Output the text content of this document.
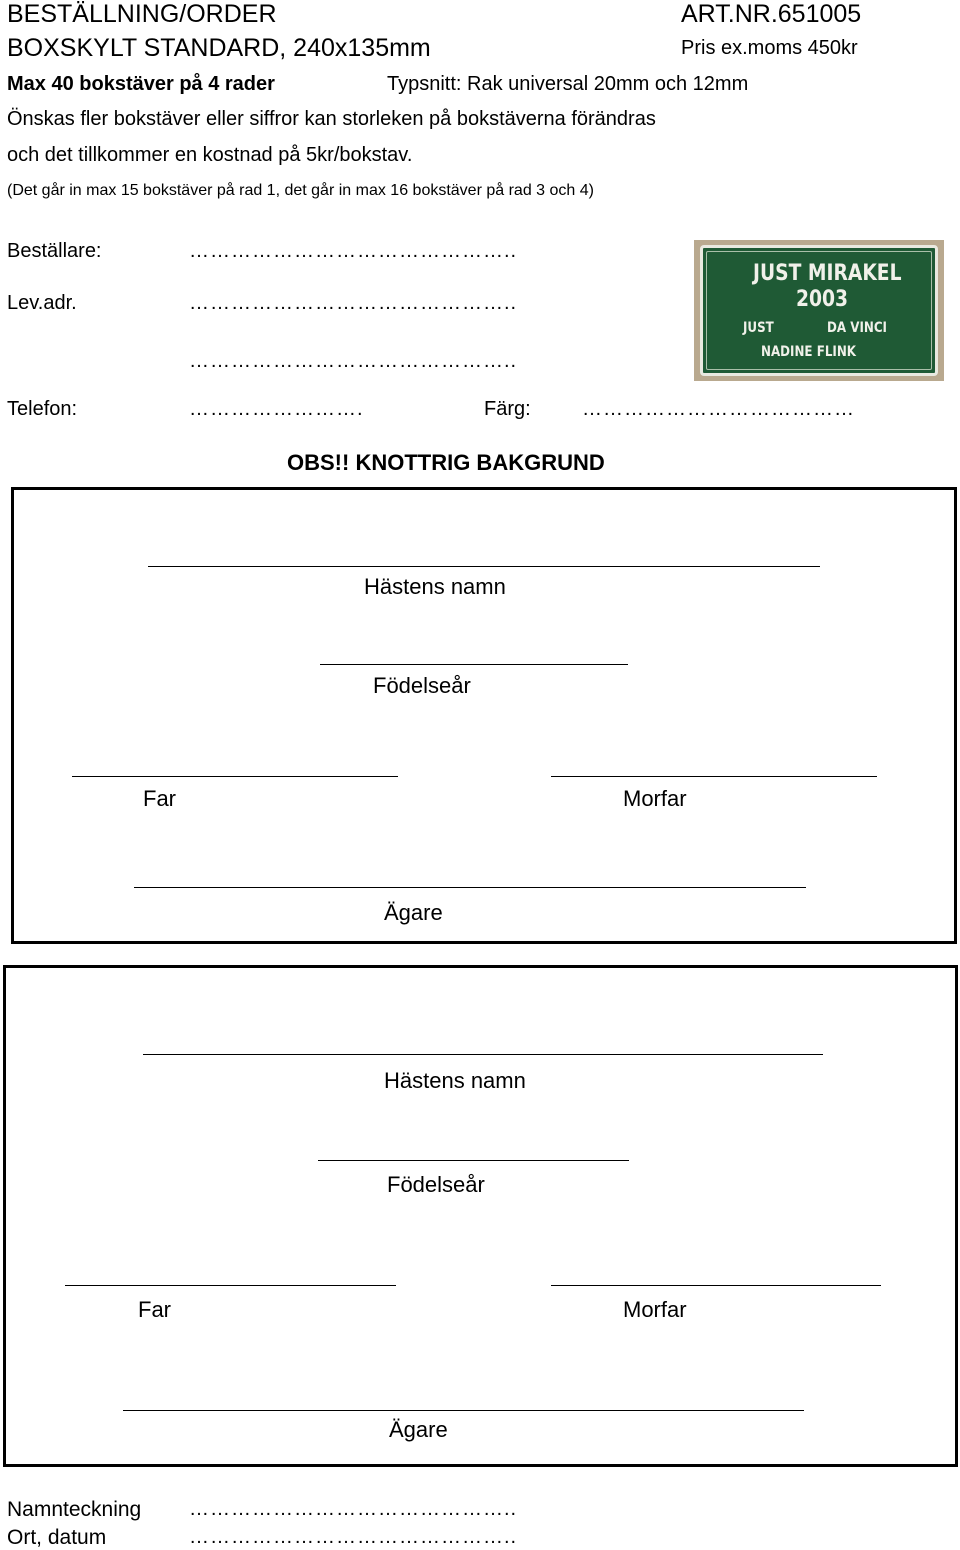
BESTÄLLNING/ORDER	ART.NR.651005
BOXSKYLT STANDARD, 240x135mm	Pris ex.moms 450kr
Max 40 bokstäver på 4 rader	Typsnitt: Rak universal 20mm och 12mm
Önskas fler bokstäver eller siffror kan storleken på bokstäverna förändras
och det tillkommer en kostnad på 5kr/bokstav.
(Det går in max 15 bokstäver på rad 1, det går in max 16 bokstäver på rad 3 och 4)
Beställare:	………………………………………..
Lev.adr.	………………………………………..
………………………………………..
Telefon:	…………………….	Färg:	…………………………………
JUST MIRAKEL
2003
JUST	DA VINCI
NADINE FLINK
OBS!! KNOTTRIG BAKGRUND
Hästens namn
Födelseår
Far	Morfar
Ägare
Hästens namn
Födelseår
Far	Morfar
Ägare
Namnteckning ………………………………………..
Ort, datum	………………………………………..
